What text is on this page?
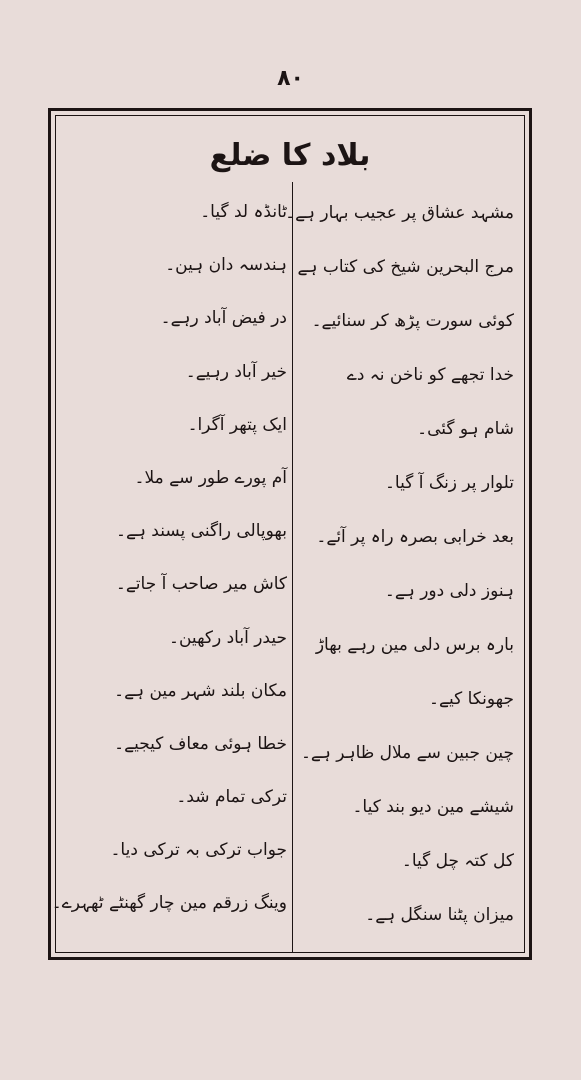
۸۰
بلاد کا ضلع
مشہد عشاق پر عجیب بہار ہے۔
مرج البحرین شیخ کی کتاب ہے
کوئی سورت پڑھ کر سنائیے۔
خدا تجھے کو ناخن نہ دے
شام ہو گئی۔
تلوار پر زنگ آ گیا۔
بعد خرابی بصرہ راہ پر آئے۔
ہنوز دلی دور ہے۔
بارہ برس دلی مین رہے بھاڑ
جھونکا کیے۔
چین جبین سے ملال ظاہر ہے۔
شیشے مین دیو بند کیا۔
کل کتہ چل گیا۔
میزان پٹنا سنگل ہے۔
ٹانڈہ لد گیا۔
ہندسہ دان ہین۔
در فیض آباد رہے۔
خیر آباد رہیے۔
ایک پتھر آگرا۔
آم پورے طور سے ملا۔
بھوپالی راگنی پسند ہے۔
کاش میر صاحب آ جاتے۔
حیدر آباد رکھین۔
مکان بلند شہر مین ہے۔
خطا ہوئی معاف کیجیے۔
ترکی تمام شد۔
جواب ترکی بہ ترکی دیا۔
وینگ زرقم مین چار گھنٹے ٹھہرے۔
